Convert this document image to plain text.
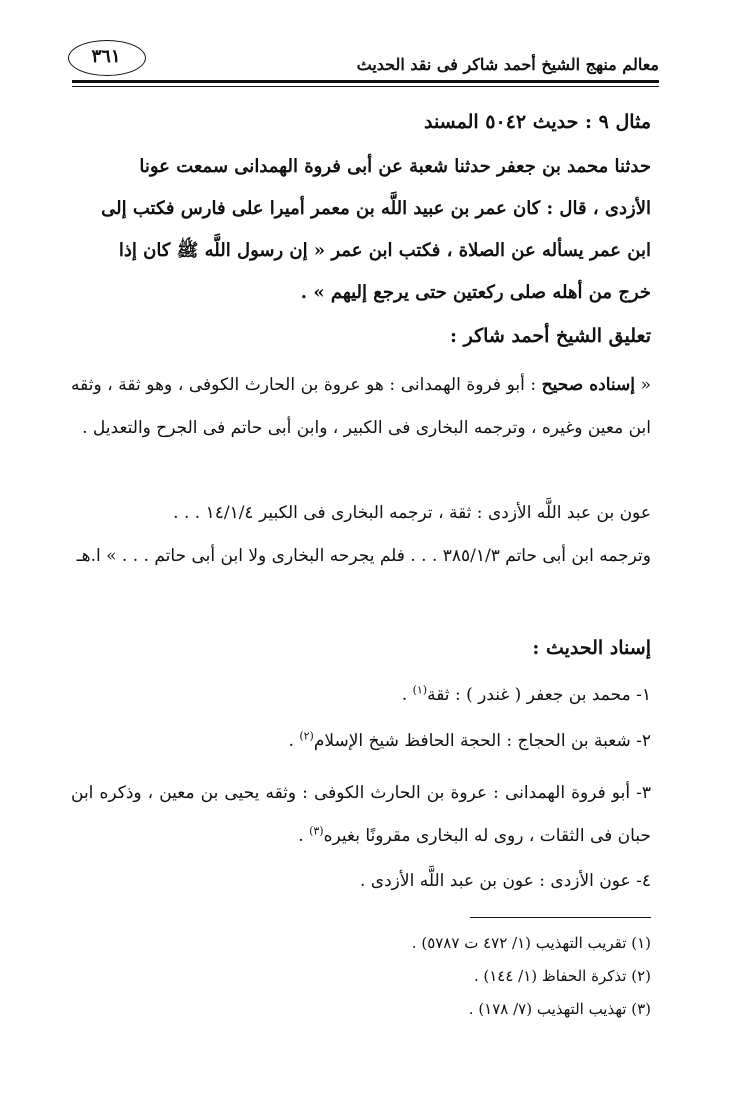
٣٦١	معالم منهج الشيخ أحمد شاكر فى نقد الحديث
مثال ٩ : حديث ٥٠٤٢ المسند
حدثنا محمد بن جعفر حدثنا شعبة عن أبى فروة الهمدانى سمعت عونا
الأزدى ، قال : كان عمر بن عبيد اللَّه بن معمر أميرا على فارس فكتب إلى
ابن عمر يسأله عن الصلاة ، فكتب ابن عمر « إن رسول اللَّه ﷺ كان إذا
خرج من أهله صلى ركعتين حتى يرجع إليهم » .
تعليق الشيخ أحمد شاكر :
« إسناده صحيح : أبو فروة الهمدانى : هو عروة بن الحارث الكوفى ، وهو ثقة ، وثقه ابن معين وغيره ، وترجمه البخارى فى الكبير ، وابن أبى حاتم فى الجرح والتعديل .
عون بن عبد اللَّه الأزدى : ثقة ، ترجمه البخارى فى الكبير ١٤/١/٤ . . .
وترجمه ابن أبى حاتم ٣٨٥/١/٣ . . . فلم يجرحه البخارى ولا ابن أبى حاتم . . . » ا.هـ
إسناد الحديث :
١- محمد بن جعفر ( غندر ) : ثقة$^{(١)}$ .
٢- شعبة بن الحجاج : الحجة الحافظ شيخ الإسلام$^{(٢)}$ .
٣- أبو فروة الهمدانى : عروة بن الحارث الكوفى : وثقه يحيى بن معين ، وذكره ابن حبان فى الثقات ، روى له البخارى مقرونًا بغيره$^{(٣)}$ .
٤- عون الأزدى : عون بن عبد اللَّه الأزدى .
(١) تقريب التهذيب (١/ ٤٧٢ ت ٥٧٨٧) .
(٢) تذكرة الحفاظ (١/ ١٤٤) .
(٣) تهذيب التهذيب (٧/ ١٧٨) .
